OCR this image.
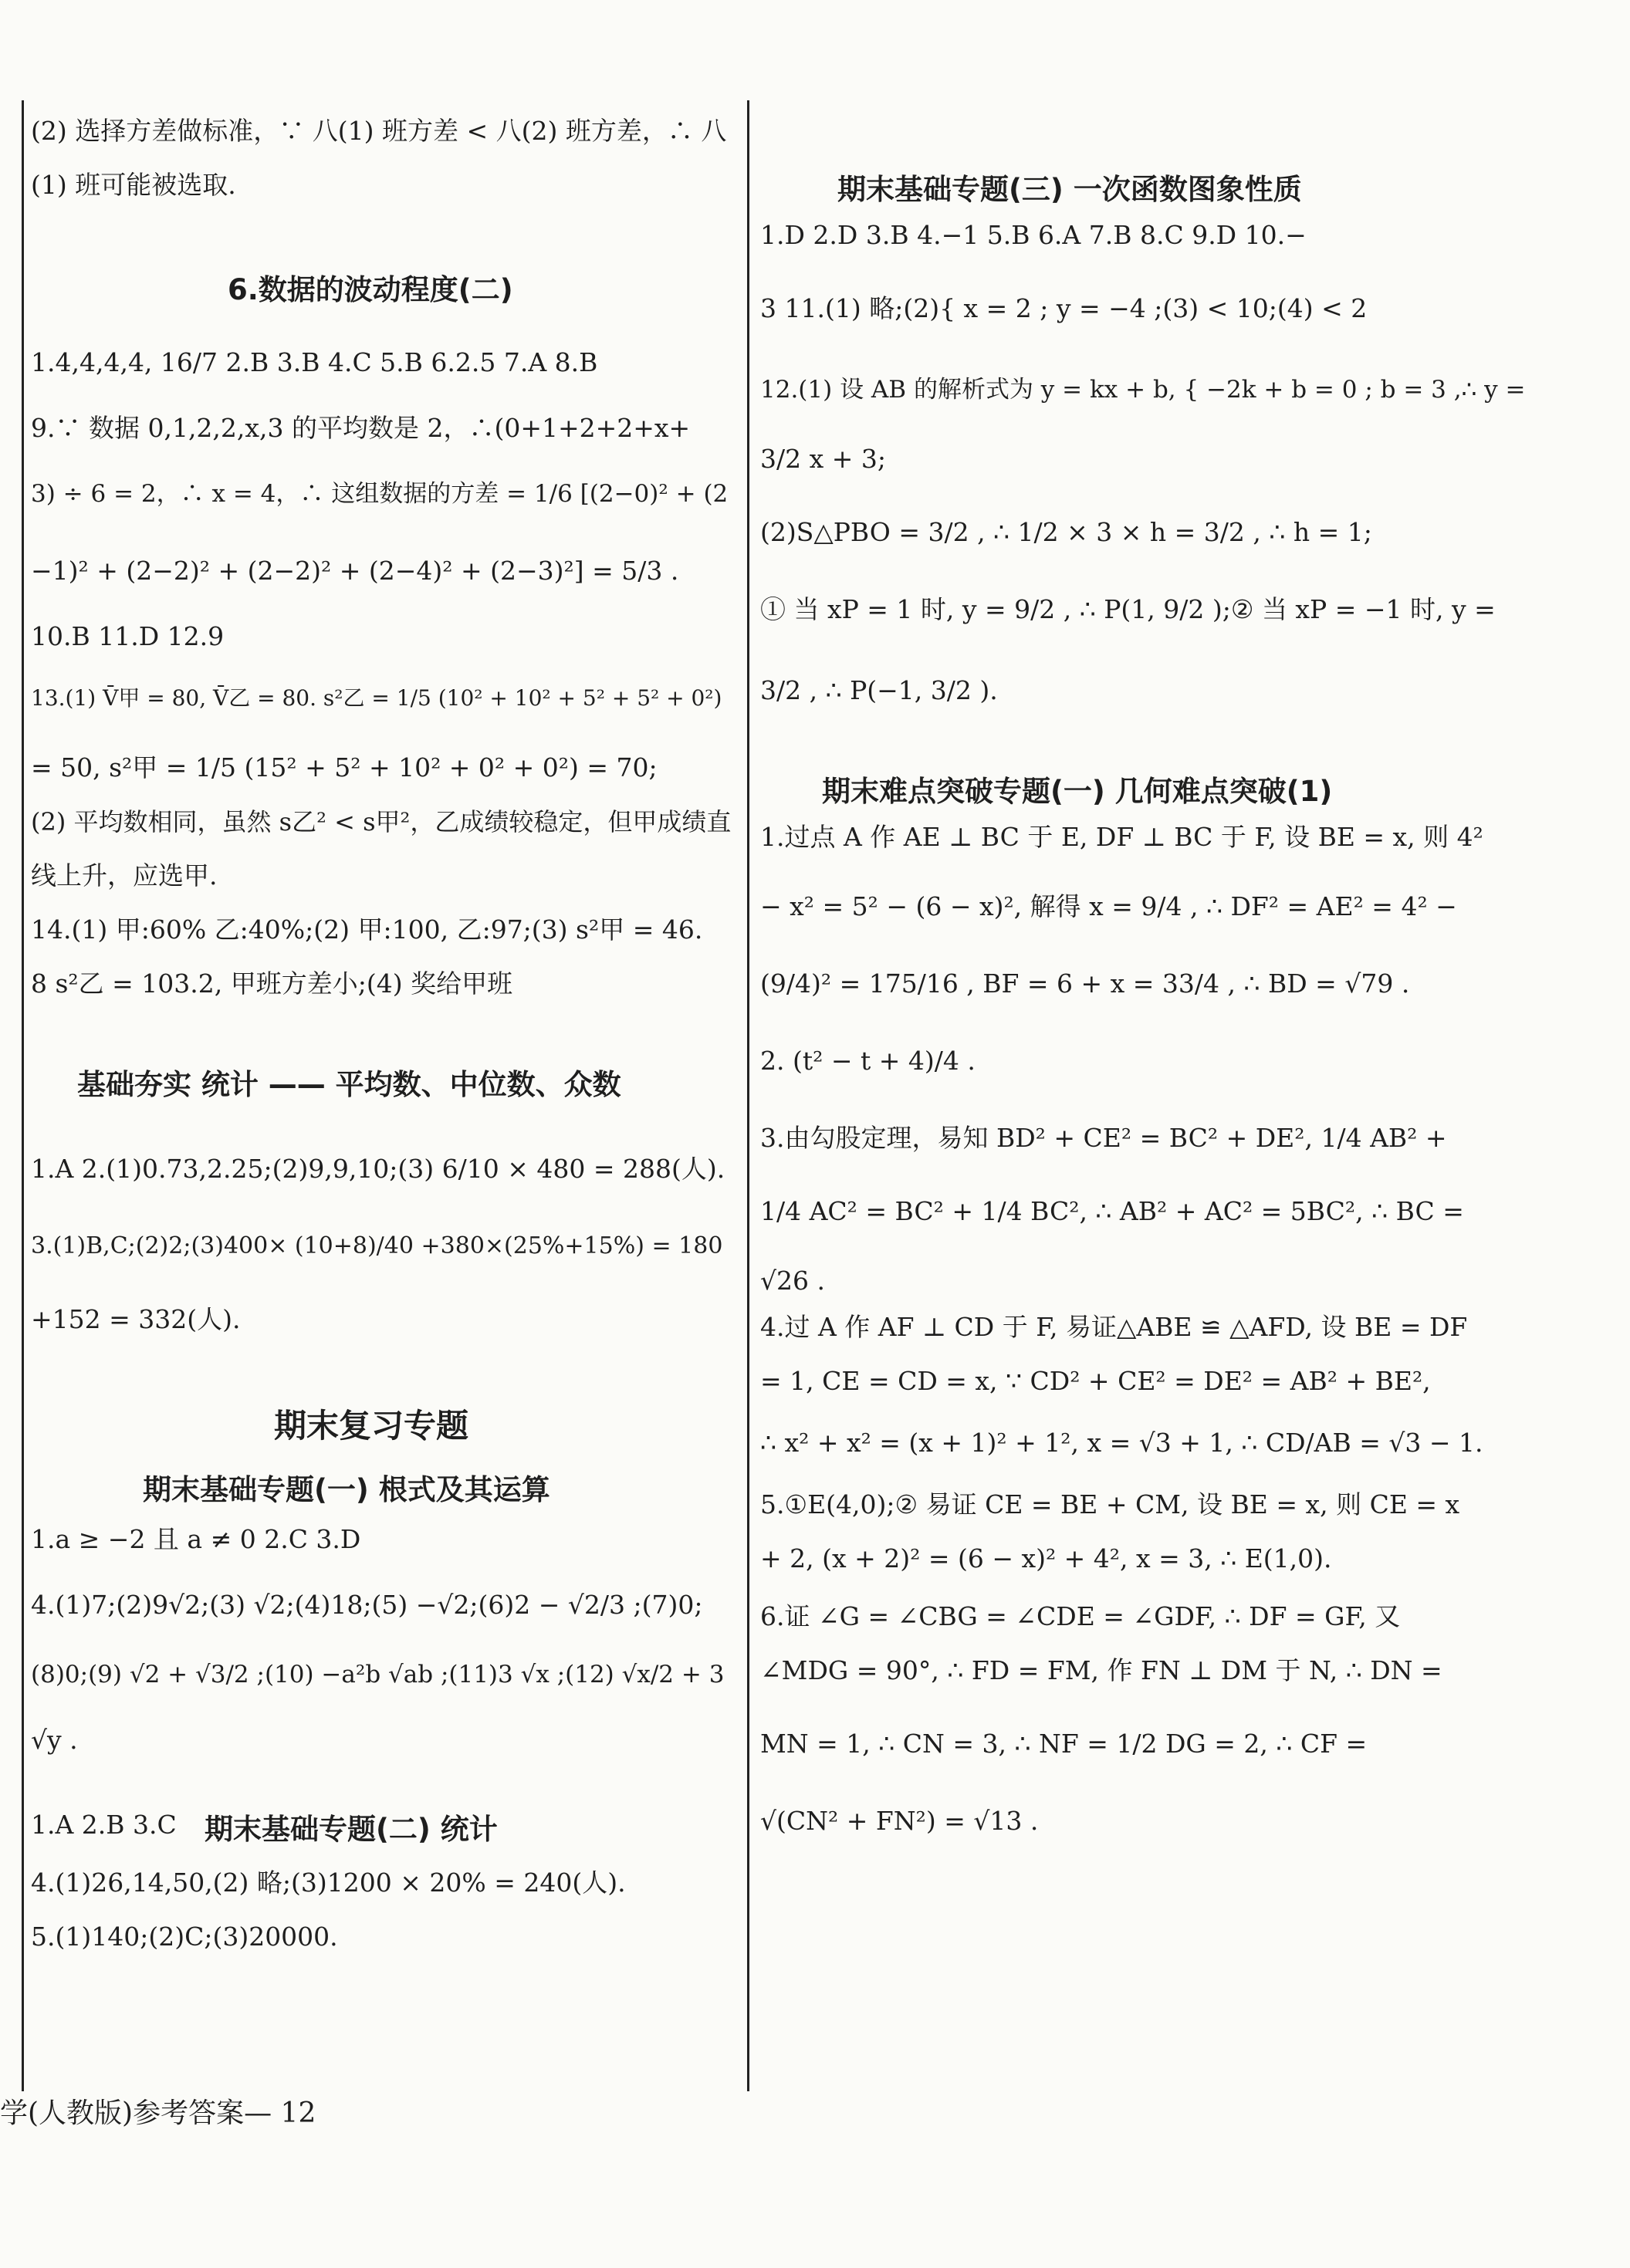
(2) 选择方差做标准，∵ 八(1) 班方差 < 八(2) 班方差，∴ 八
(1) 班可能被选取.
6.数据的波动程度(二)
1.4,4,4,4, 16/7 2.B 3.B 4.C 5.B 6.2.5 7.A 8.B
9.∵ 数据 0,1,2,2,x,3 的平均数是 2，∴(0+1+2+2+x+
3) ÷ 6 = 2，∴ x = 4，∴ 这组数据的方差 = 1/6 [(2−0)² + (2
−1)² + (2−2)² + (2−2)² + (2−4)² + (2−3)²] = 5/3 .
10.B 11.D 12.9
13.(1) V̄甲 = 80, V̄乙 = 80. s²乙 = 1/5 (10² + 10² + 5² + 5² + 0²)
= 50, s²甲 = 1/5 (15² + 5² + 10² + 0² + 0²) = 70;
(2) 平均数相同，虽然 s乙² < s甲²，乙成绩较稳定，但甲成绩直
线上升，应选甲.
14.(1) 甲:60% 乙:40%;(2) 甲:100, 乙:97;(3) s²甲 = 46.
8 s²乙 = 103.2, 甲班方差小;(4) 奖给甲班
基础夯实 统计 —— 平均数、中位数、众数
1.A 2.(1)0.73,2.25;(2)9,9,10;(3) 6/10 × 480 = 288(人).
3.(1)B,C;(2)2;(3)400× (10+8)/40 +380×(25%+15%) = 180
+152 = 332(人).
期末复习专题
期末基础专题(一) 根式及其运算
1.a ≥ −2 且 a ≠ 0 2.C 3.D
4.(1)7;(2)9√2;(3) √2;(4)18;(5) −√2;(6)2 − √2/3 ;(7)0;
(8)0;(9) √2 + √3/2 ;(10) −a²b √ab ;(11)3 √x ;(12) √x/2 + 3
√y .
1.A 2.B 3.C 期末基础专题(二) 统计
4.(1)26,14,50,(2) 略;(3)1200 × 20% = 240(人).
5.(1)140;(2)C;(3)20000.
期末基础专题(三) 一次函数图象性质
1.D 2.D 3.B 4.−1 5.B 6.A 7.B 8.C 9.D 10.−
3 11.(1) 略;(2){ x = 2 ; y = −4 ;(3) < 10;(4) < 2
12.(1) 设 AB 的解析式为 y = kx + b, { −2k + b = 0 ; b = 3 ,∴ y =
3/2 x + 3;
(2)S△PBO = 3/2 , ∴ 1/2 × 3 × h = 3/2 , ∴ h = 1;
① 当 xP = 1 时, y = 9/2 , ∴ P(1, 9/2 );② 当 xP = −1 时, y =
3/2 , ∴ P(−1, 3/2 ).
期末难点突破专题(一) 几何难点突破(1)
1.过点 A 作 AE ⊥ BC 于 E, DF ⊥ BC 于 F, 设 BE = x, 则 4²
− x² = 5² − (6 − x)², 解得 x = 9/4 , ∴ DF² = AE² = 4² −
(9/4)² = 175/16 , BF = 6 + x = 33/4 , ∴ BD = √79 .
2. (t² − t + 4)/4 .
3.由勾股定理，易知 BD² + CE² = BC² + DE², 1/4 AB² +
1/4 AC² = BC² + 1/4 BC², ∴ AB² + AC² = 5BC², ∴ BC =
√26 .
4.过 A 作 AF ⊥ CD 于 F, 易证△ABE ≌ △AFD, 设 BE = DF
= 1, CE = CD = x, ∵ CD² + CE² = DE² = AB² + BE²,
∴ x² + x² = (x + 1)² + 1², x = √3 + 1, ∴ CD/AB = √3 − 1.
5.①E(4,0);② 易证 CE = BE + CM, 设 BE = x, 则 CE = x
+ 2, (x + 2)² = (6 − x)² + 4², x = 3, ∴ E(1,0).
6.证 ∠G = ∠CBG = ∠CDE = ∠GDF, ∴ DF = GF, 又
∠MDG = 90°, ∴ FD = FM, 作 FN ⊥ DM 于 N, ∴ DN =
MN = 1, ∴ CN = 3, ∴ NF = 1/2 DG = 2, ∴ CF =
√(CN² + FN²) = √13 .
学(人教版)参考答案— 12
